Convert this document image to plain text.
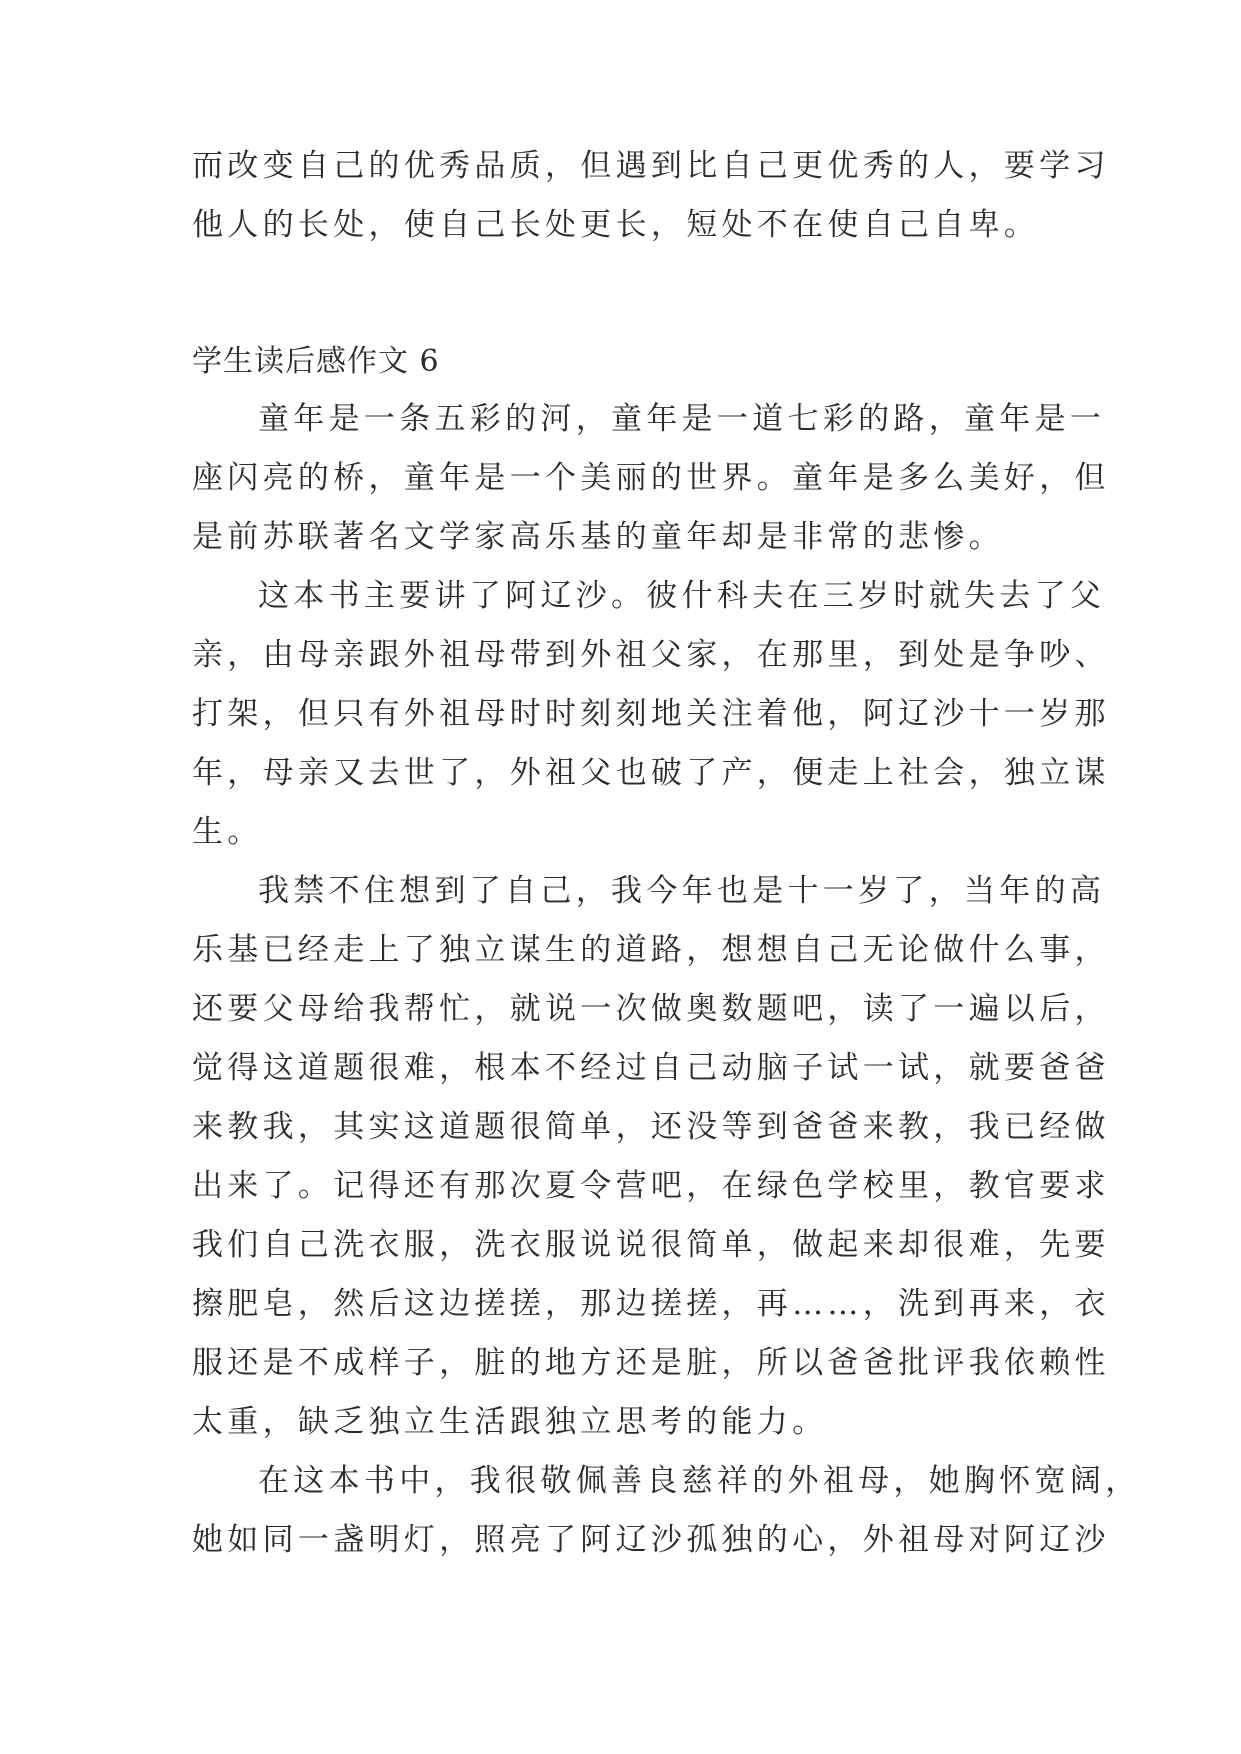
而改变自己的优秀品质，但遇到比自己更优秀的人，要学习
他人的长处，使自己长处更长，短处不在使自己自卑。
学生读后感作文 6
童年是一条五彩的河，童年是一道七彩的路，童年是一
座闪亮的桥，童年是一个美丽的世界。童年是多么美好，但
是前苏联著名文学家高乐基的童年却是非常的悲惨。
这本书主要讲了阿辽沙。彼什科夫在三岁时就失去了父
亲，由母亲跟外祖母带到外祖父家，在那里，到处是争吵、
打架，但只有外祖母时时刻刻地关注着他，阿辽沙十一岁那
年，母亲又去世了，外祖父也破了产，便走上社会，独立谋
生。
我禁不住想到了自己，我今年也是十一岁了，当年的高
乐基已经走上了独立谋生的道路，想想自己无论做什么事，
还要父母给我帮忙，就说一次做奥数题吧，读了一遍以后，
觉得这道题很难，根本不经过自己动脑子试一试，就要爸爸
来教我，其实这道题很简单，还没等到爸爸来教，我已经做
出来了。记得还有那次夏令营吧，在绿色学校里，教官要求
我们自己洗衣服，洗衣服说说很简单，做起来却很难，先要
擦肥皂，然后这边搓搓，那边搓搓，再……，洗到再来，衣
服还是不成样子，脏的地方还是脏，所以爸爸批评我依赖性
太重，缺乏独立生活跟独立思考的能力。
在这本书中，我很敬佩善良慈祥的外祖母，她胸怀宽阔，
她如同一盏明灯，照亮了阿辽沙孤独的心，外祖母对阿辽沙
